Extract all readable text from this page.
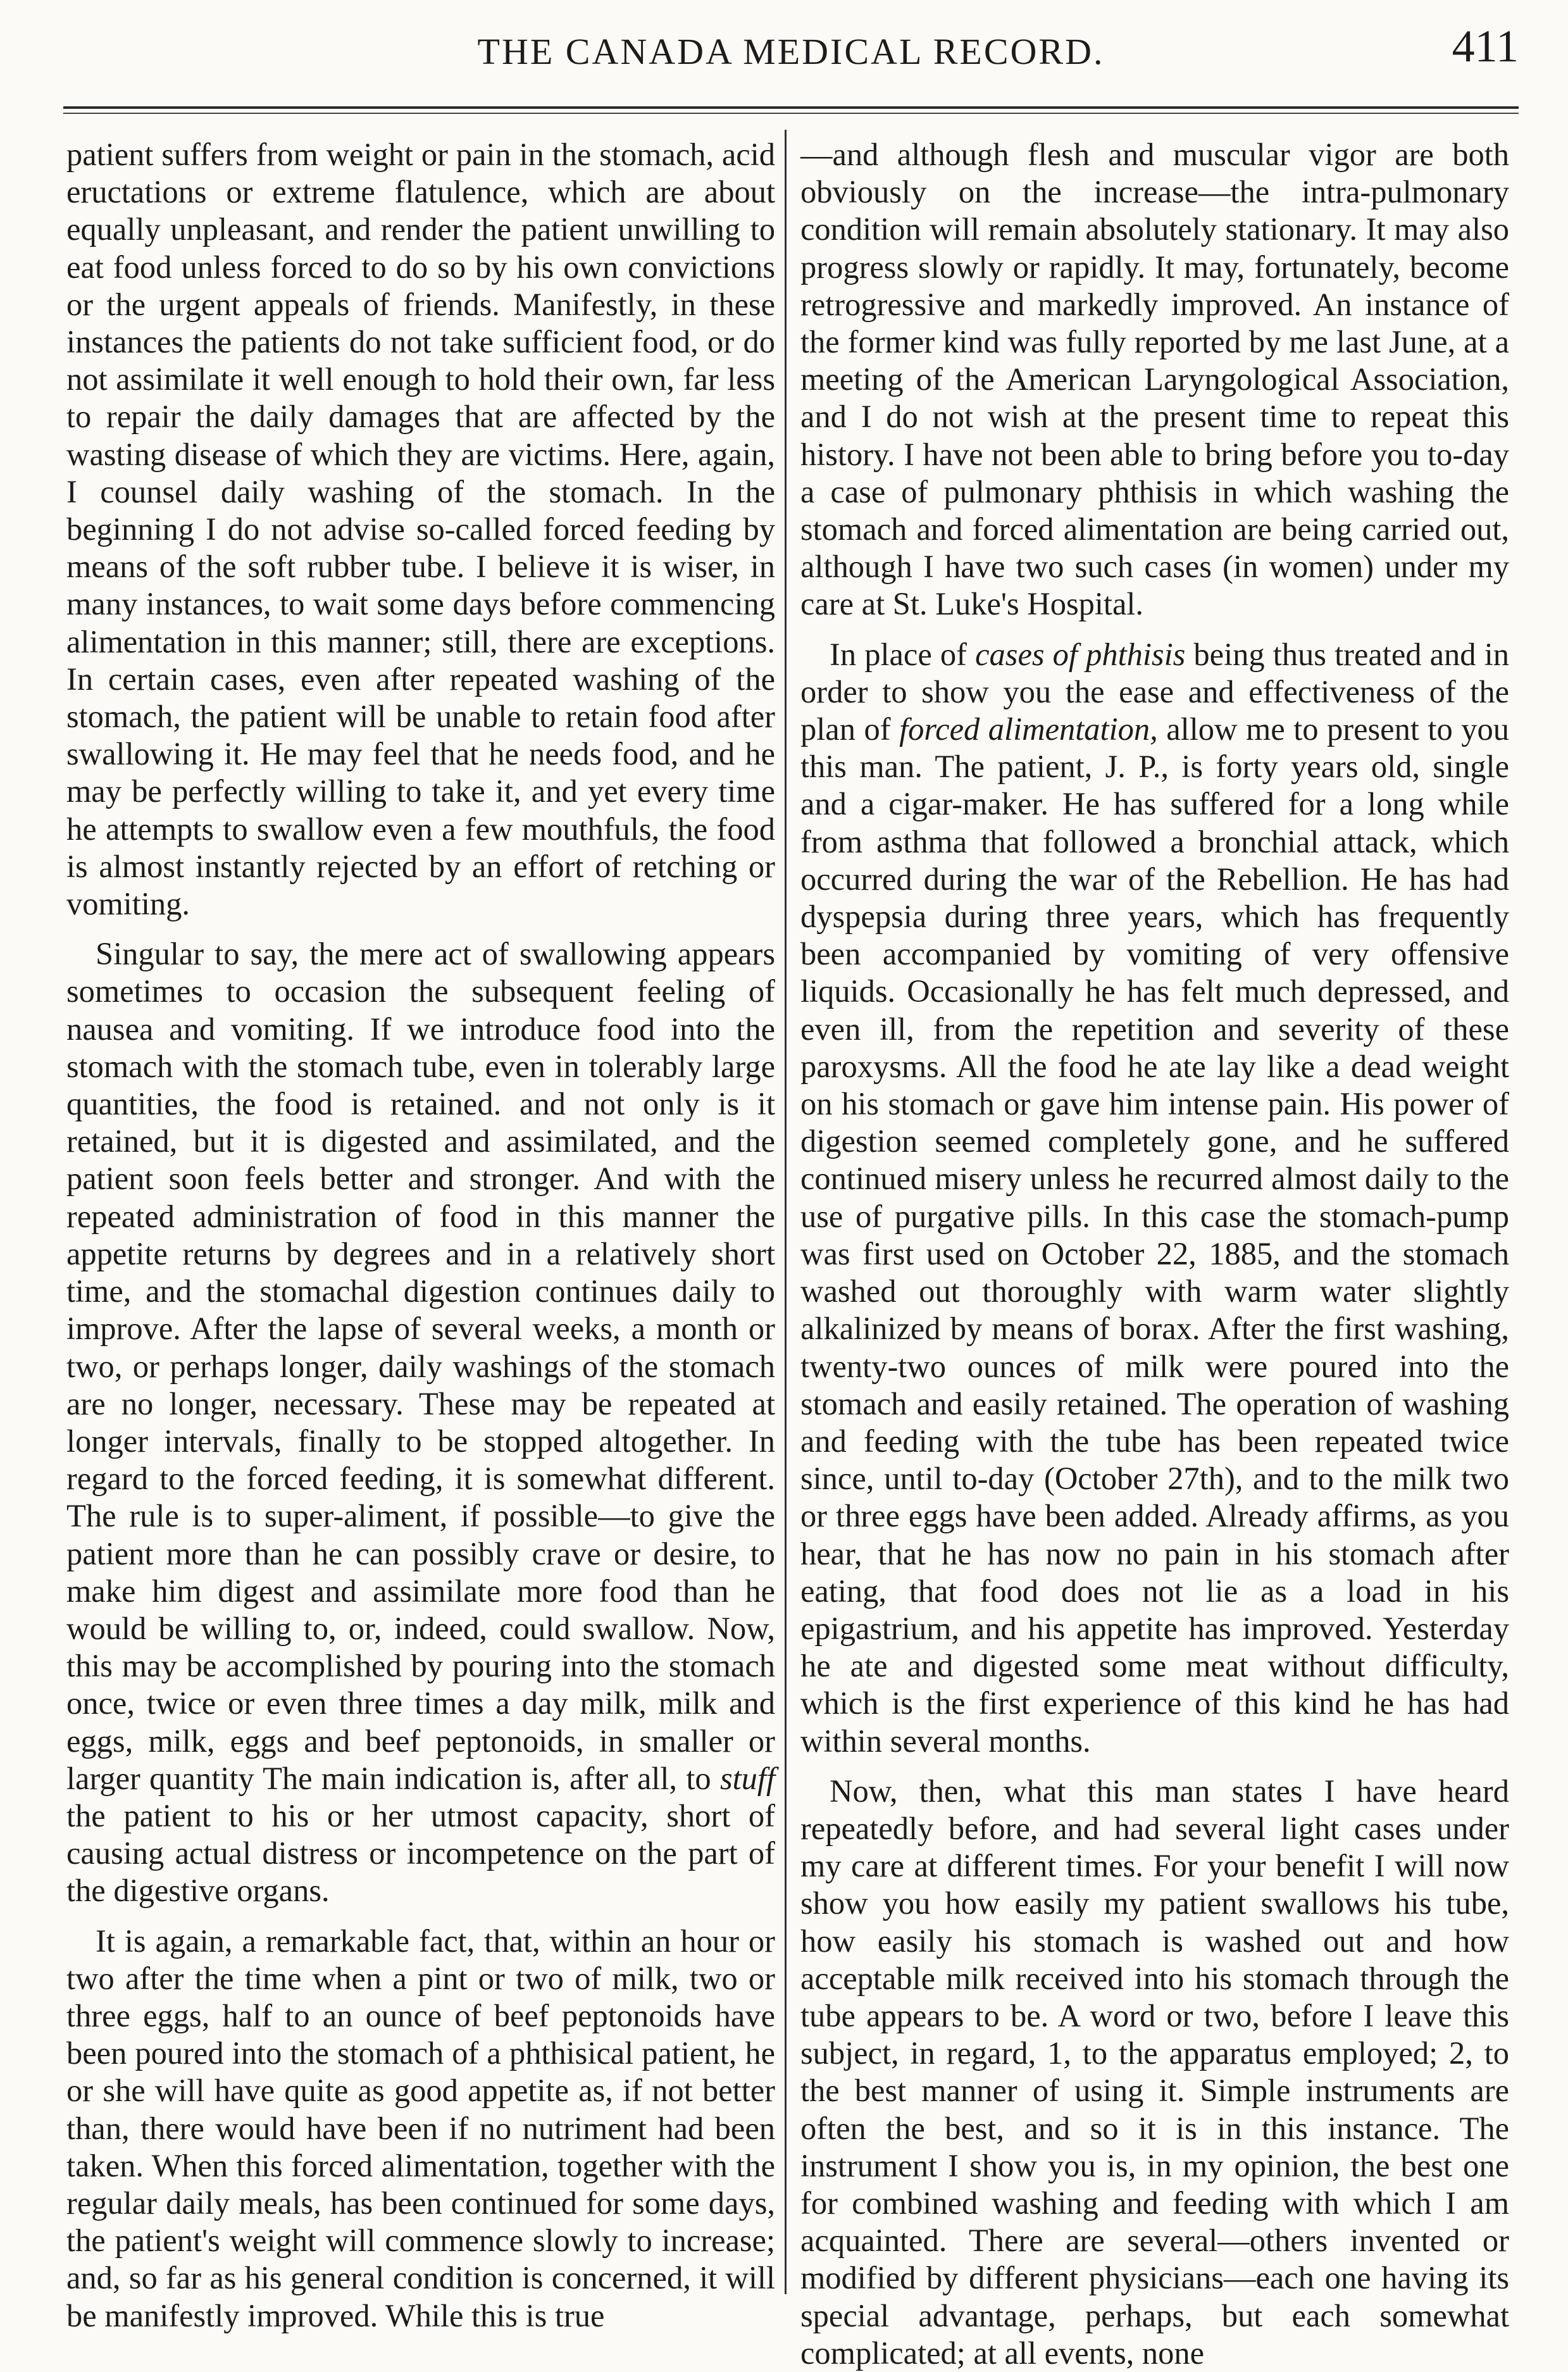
THE CANADA MEDICAL RECORD.	411

patient suffers from weight or pain in the stomach, acid eructations or extreme flatulence, which are about equally unpleasant, and render the patient unwilling to eat food unless forced to do so by his own convictions or the urgent appeals of friends. Manifestly, in these instances the patients do not take sufficient food, or do not assimilate it well enough to hold their own, far less to repair the daily damages that are affected by the wasting disease of which they are victims. Here, again, I counsel daily washing of the stomach. In the beginning I do not advise so-called forced feeding by means of the soft rubber tube. I believe it is wiser, in many instances, to wait some days before commencing alimentation in this manner; still, there are exceptions. In certain cases, even after repeated washing of the stomach, the patient will be unable to retain food after swallowing it. He may feel that he needs food, and he may be perfectly willing to take it, and yet every time he attempts to swallow even a few mouthfuls, the food is almost instantly rejected by an effort of retching or vomiting.

Singular to say, the mere act of swallowing appears sometimes to occasion the subsequent feeling of nausea and vomiting. If we introduce food into the stomach with the stomach tube, even in tolerably large quantities, the food is retained. and not only is it retained, but it is digested and assimilated, and the patient soon feels better and stronger. And with the repeated administration of food in this manner the appetite returns by degrees and in a relatively short time, and the stomachal digestion continues daily to improve. After the lapse of several weeks, a month or two, or perhaps longer, daily washings of the stomach are no longer, necessary. These may be repeated at longer intervals, finally to be stopped altogether. In regard to the forced feeding, it is somewhat different. The rule is to super-aliment, if possible—to give the patient more than he can possibly crave or desire, to make him digest and assimilate more food than he would be willing to, or, indeed, could swallow. Now, this may be accomplished by pouring into the stomach once, twice or even three times a day milk, milk and eggs, milk, eggs and beef peptonoids, in smaller or larger quantity The main indication is, after all, to stuff the patient to his or her utmost capacity, short of causing actual distress or incompetence on the part of the digestive organs.

It is again, a remarkable fact, that, within an hour or two after the time when a pint or two of milk, two or three eggs, half to an ounce of beef peptonoids have been poured into the stomach of a phthisical patient, he or she will have quite as good appetite as, if not better than, there would have been if no nutriment had been taken. When this forced alimentation, together with the regular daily meals, has been continued for some days, the patient's weight will commence slowly to increase; and, so far as his general condition is concerned, it will be manifestly improved. While this is true

—and although flesh and muscular vigor are both obviously on the increase—the intra-pulmonary condition will remain absolutely stationary. It may also progress slowly or rapidly. It may, fortunately, become retrogressive and markedly improved. An instance of the former kind was fully reported by me last June, at a meeting of the American Laryngological Association, and I do not wish at the present time to repeat this history. I have not been able to bring before you to-day a case of pulmonary phthisis in which washing the stomach and forced alimentation are being carried out, although I have two such cases (in women) under my care at St. Luke's Hospital.

In place of cases of phthisis being thus treated and in order to show you the ease and effectiveness of the plan of forced alimentation, allow me to present to you this man. The patient, J. P., is forty years old, single and a cigar-maker. He has suffered for a long while from asthma that followed a bronchial attack, which occurred during the war of the Rebellion. He has had dyspepsia during three years, which has frequently been accompanied by vomiting of very offensive liquids. Occasionally he has felt much depressed, and even ill, from the repetition and severity of these paroxysms. All the food he ate lay like a dead weight on his stomach or gave him intense pain. His power of digestion seemed completely gone, and he suffered continued misery unless he recurred almost daily to the use of purgative pills. In this case the stomach-pump was first used on October 22, 1885, and the stomach washed out thoroughly with warm water slightly alkalinized by means of borax. After the first washing, twenty-two ounces of milk were poured into the stomach and easily retained. The operation of washing and feeding with the tube has been repeated twice since, until to-day (October 27th), and to the milk two or three eggs have been added. Already affirms, as you hear, that he has now no pain in his stomach after eating, that food does not lie as a load in his epigastrium, and his appetite has improved. Yesterday he ate and digested some meat without difficulty, which is the first experience of this kind he has had within several months.

Now, then, what this man states I have heard repeatedly before, and had several light cases under my care at different times. For your benefit I will now show you how easily my patient swallows his tube, how easily his stomach is washed out and how acceptable milk received into his stomach through the tube appears to be. A word or two, before I leave this subject, in regard, 1, to the apparatus employed; 2, to the best manner of using it. Simple instruments are often the best, and so it is in this instance. The instrument I show you is, in my opinion, the best one for combined washing and feeding with which I am acquainted. There are several—others invented or modified by different physicians—each one having its special advantage, perhaps, but each somewhat complicated; at all events, none
